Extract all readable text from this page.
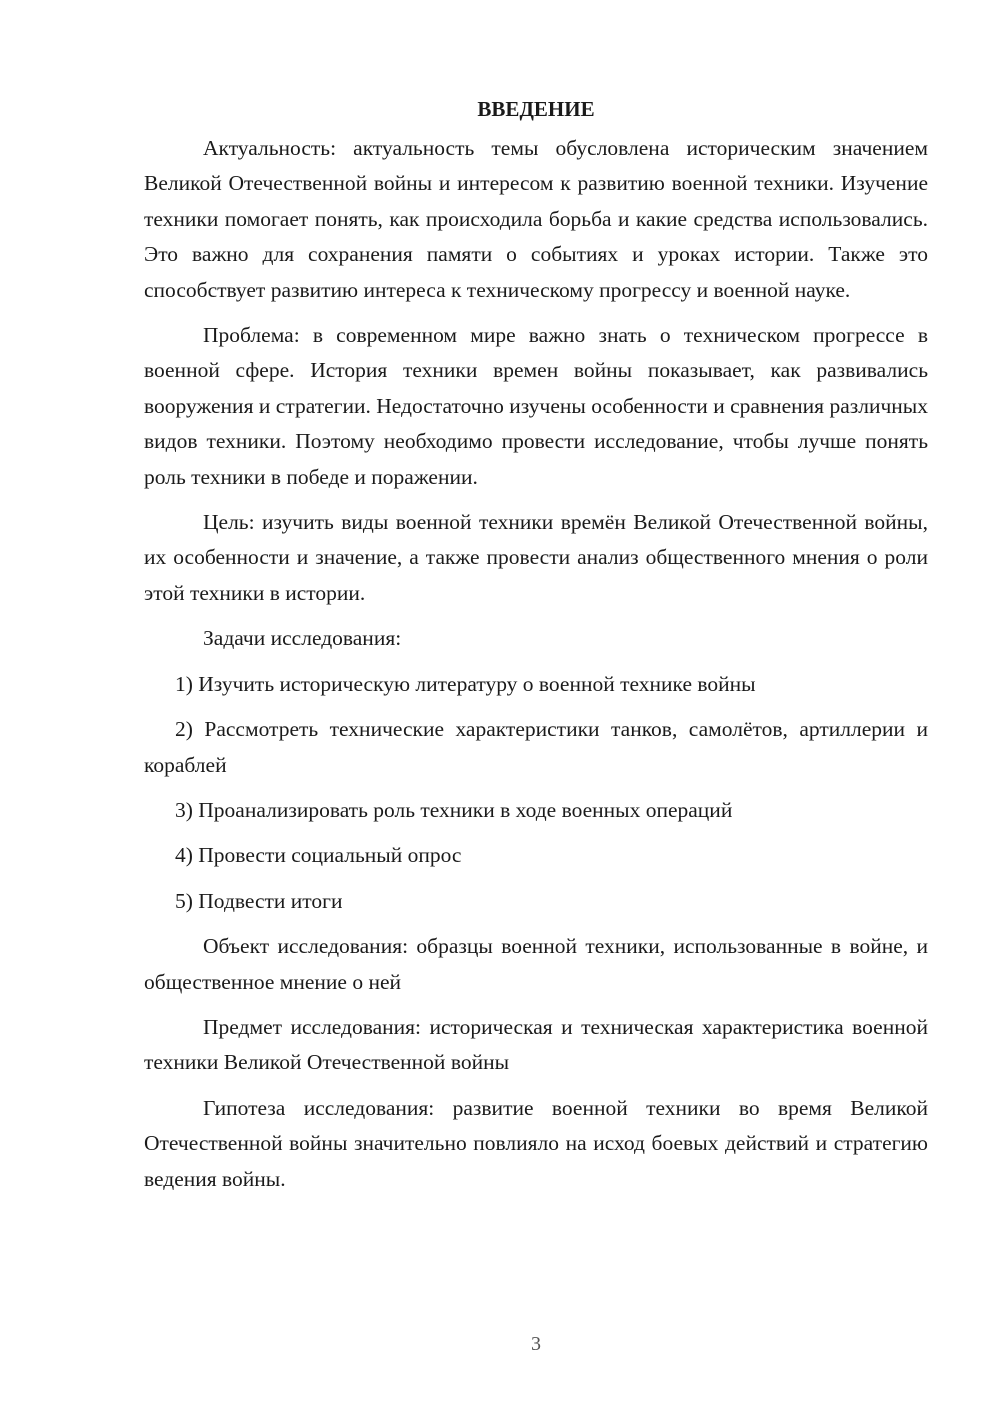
ВВЕДЕНИЕ

Актуальность: актуальность темы обусловлена историческим значением Великой Отечественной войны и интересом к развитию военной техники. Изучение техники помогает понять, как происходила борьба и какие средства использовались. Это важно для сохранения памяти о событиях и уроках истории. Также это способствует развитию интереса к техническому прогрессу и военной науке.

Проблема: в современном мире важно знать о техническом прогрессе в военной сфере. История техники времен войны показывает, как развивались вооружения и стратегии. Недостаточно изучены особенности и сравнения различных видов техники. Поэтому необходимо провести исследование, чтобы лучше понять роль техники в победе и поражении.

Цель: изучить виды военной техники времён Великой Отечественной войны, их особенности и значение, а также провести анализ общественного мнения о роли этой техники в истории.

Задачи исследования:

1) Изучить историческую литературу о военной технике войны

2) Рассмотреть технические характеристики танков, самолётов, артиллерии и кораблей

3) Проанализировать роль техники в ходе военных операций

4) Провести социальный опрос

5) Подвести итоги

Объект исследования: образцы военной техники, использованные в войне, и общественное мнение о ней

Предмет исследования: историческая и техническая характеристика военной техники Великой Отечественной войны

Гипотеза исследования: развитие военной техники во время Великой Отечественной войны значительно повлияло на исход боевых действий и стратегию ведения войны.

3
